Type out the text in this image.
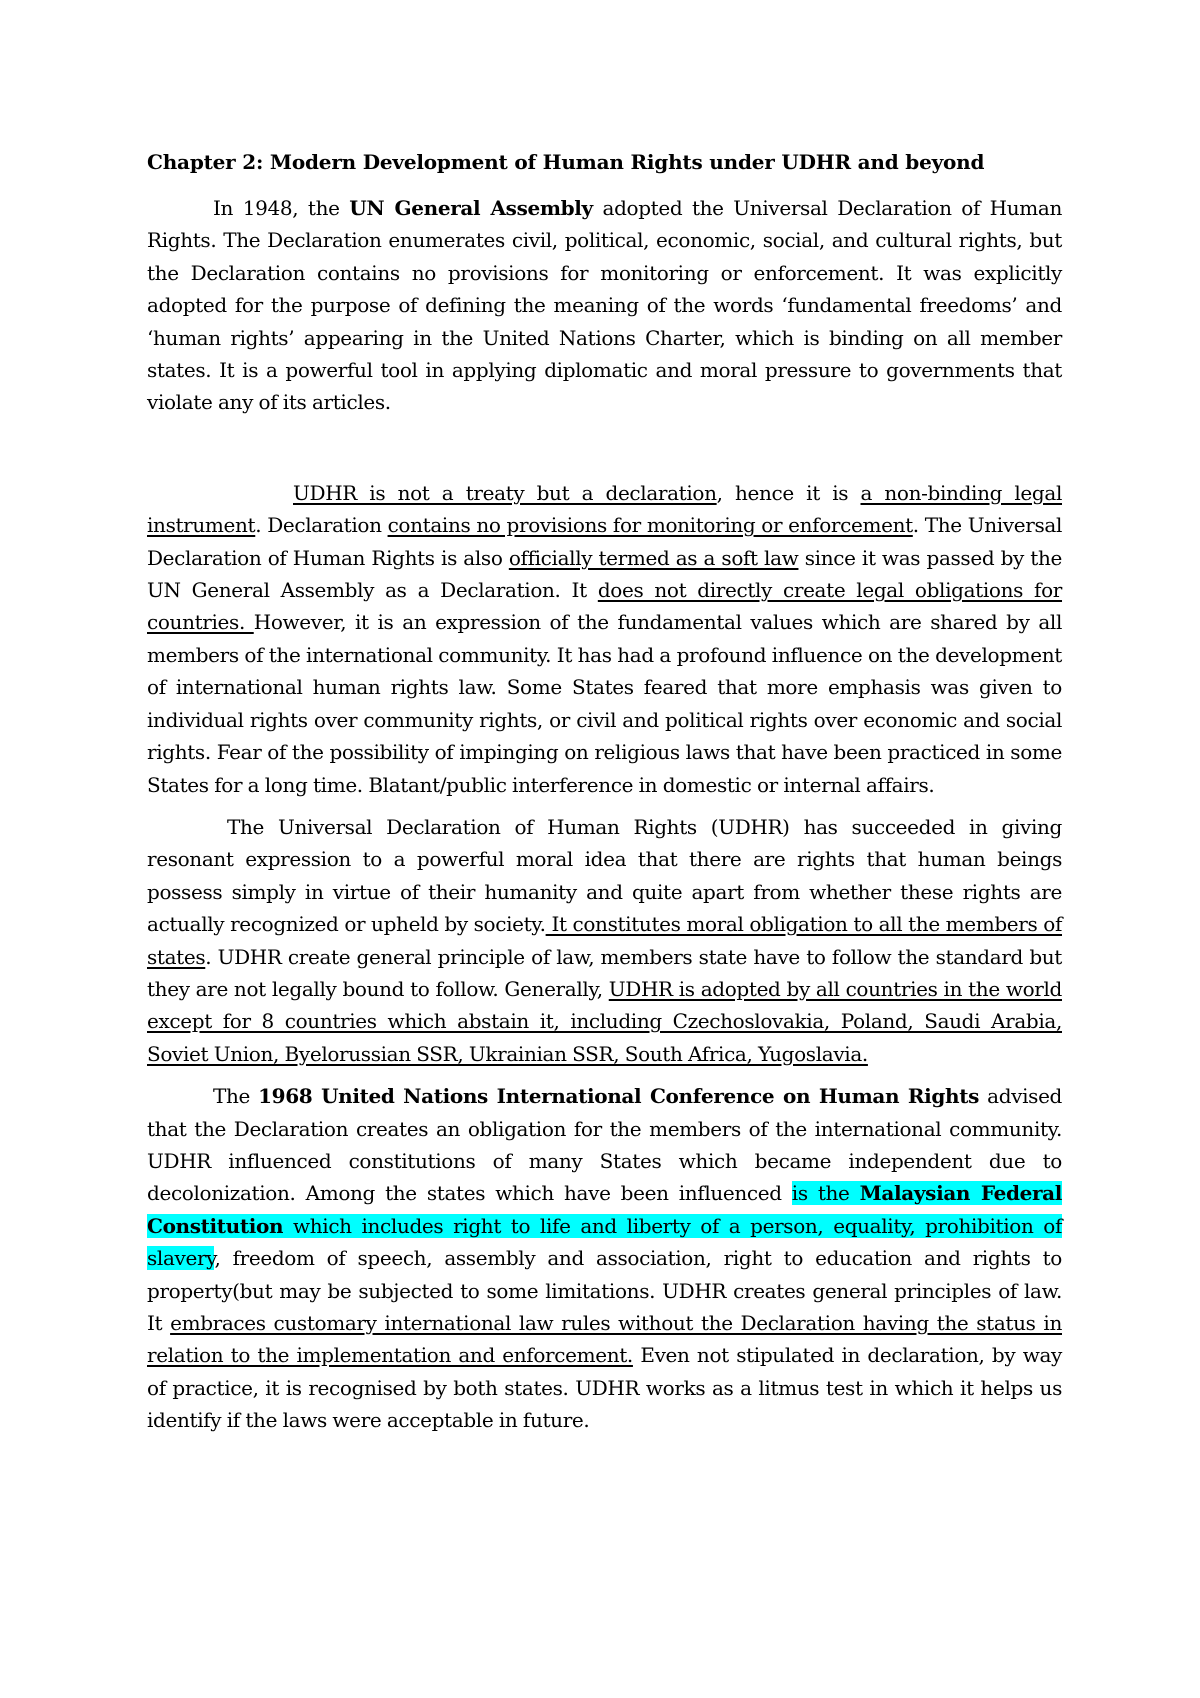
Chapter 2: Modern Development of Human Rights under UDHR and beyond

In 1948, the UN General Assembly adopted the Universal Declaration of Human Rights. The Declaration enumerates civil, political, economic, social, and cultural rights, but the Declaration contains no provisions for monitoring or enforcement. It was explicitly adopted for the purpose of defining the meaning of the words ‘fundamental freedoms’ and ‘human rights’ appearing in the United Nations Charter, which is binding on all member states. It is a powerful tool in applying diplomatic and moral pressure to governments that violate any of its articles.

UDHR is not a treaty but a declaration, hence it is a non-binding legal instrument. Declaration contains no provisions for monitoring or enforcement. The Universal Declaration of Human Rights is also officially termed as a soft law since it was passed by the UN General Assembly as a Declaration. It does not directly create legal obligations for countries. However, it is an expression of the fundamental values which are shared by all members of the international community. It has had a profound influence on the development of international human rights law. Some States feared that more emphasis was given to individual rights over community rights, or civil and political rights over economic and social rights. Fear of the possibility of impinging on religious laws that have been practiced in some States for a long time. Blatant/public interference in domestic or internal affairs.

The Universal Declaration of Human Rights (UDHR) has succeeded in giving resonant expression to a powerful moral idea that there are rights that human beings possess simply in virtue of their humanity and quite apart from whether these rights are actually recognized or upheld by society. It constitutes moral obligation to all the members of states. UDHR create general principle of law, members state have to follow the standard but they are not legally bound to follow. Generally, UDHR is adopted by all countries in the world except for 8 countries which abstain it, including Czechoslovakia, Poland, Saudi Arabia, Soviet Union, Byelorussian SSR, Ukrainian SSR, South Africa, Yugoslavia.

The 1968 United Nations International Conference on Human Rights advised that the Declaration creates an obligation for the members of the international community. UDHR influenced constitutions of many States which became independent due to decolonization. Among the states which have been influenced is the Malaysian Federal Constitution which includes right to life and liberty of a person, equality, prohibition of slavery, freedom of speech, assembly and association, right to education and rights to property(but may be subjected to some limitations. UDHR creates general principles of law. It embraces customary international law rules without the Declaration having the status in relation to the implementation and enforcement. Even not stipulated in declaration, by way of practice, it is recognised by both states. UDHR works as a litmus test in which it helps us identify if the laws were acceptable in future.
